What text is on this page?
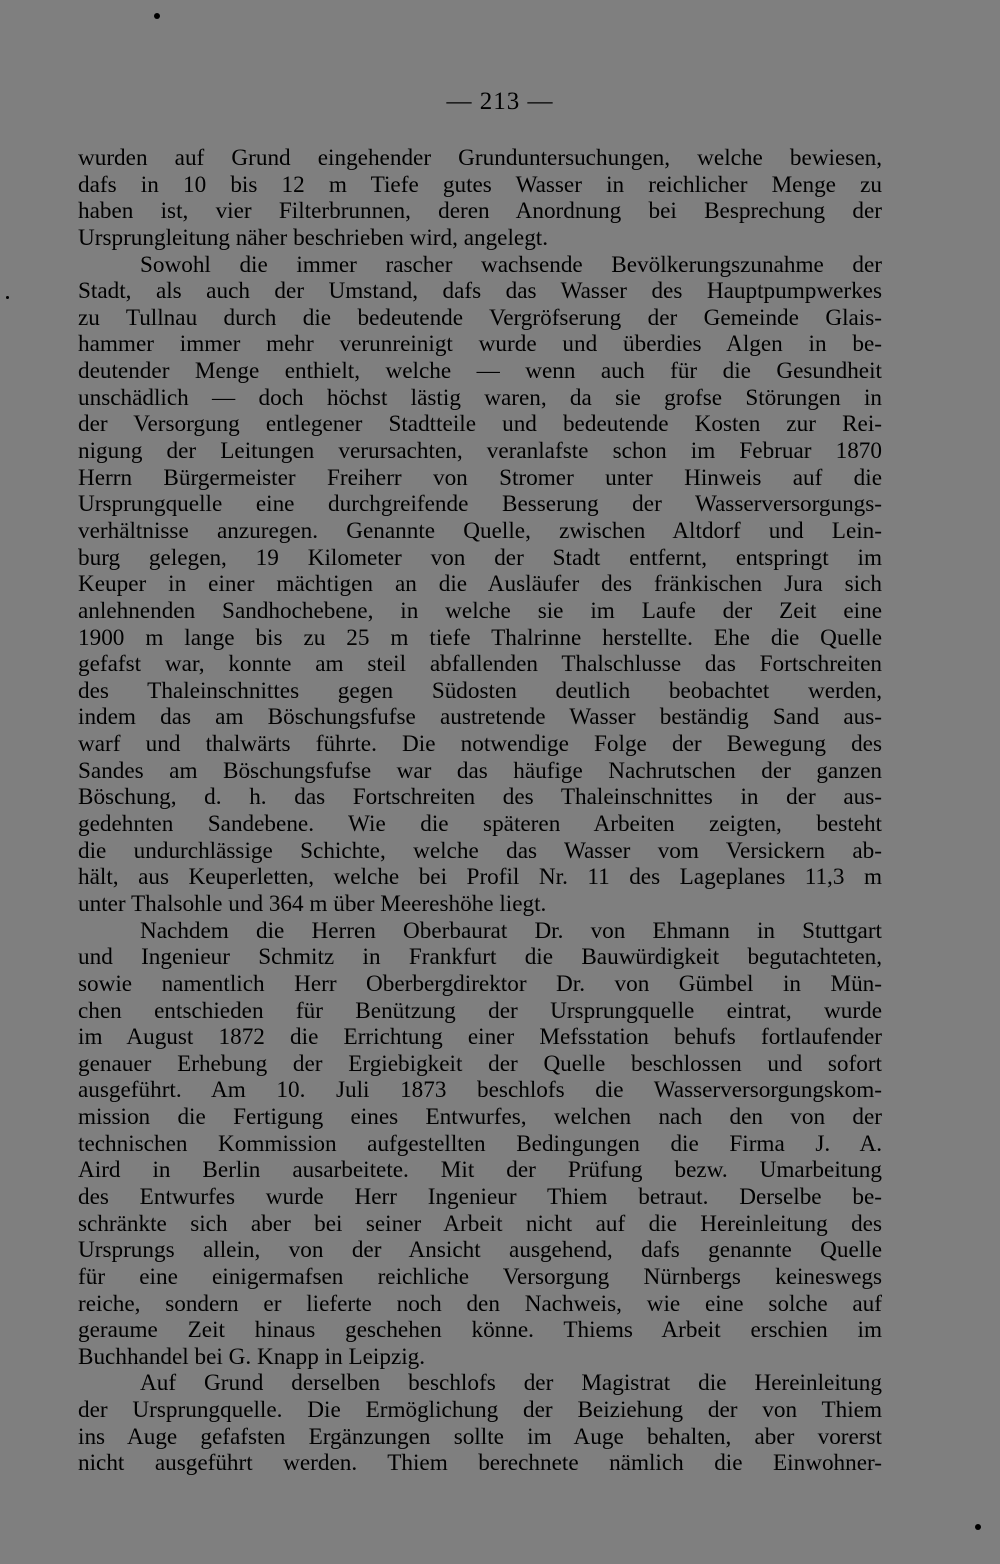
— 213 —
wurden auf Grund eingehender Grunduntersuchungen, welche bewiesen,
dafs in 10 bis 12 m Tiefe gutes Wasser in reichlicher Menge zu
haben ist, vier Filterbrunnen, deren Anordnung bei Besprechung der
Ursprungleitung näher beschrieben wird, angelegt.
Sowohl die immer rascher wachsende Bevölkerungszunahme der
Stadt, als auch der Umstand, dafs das Wasser des Hauptpumpwerkes
zu Tullnau durch die bedeutende Vergröfserung der Gemeinde Glais-
hammer immer mehr verunreinigt wurde und überdies Algen in be-
deutender Menge enthielt, welche — wenn auch für die Gesundheit
unschädlich — doch höchst lästig waren, da sie grofse Störungen in
der Versorgung entlegener Stadtteile und bedeutende Kosten zur Rei-
nigung der Leitungen verursachten, veranlafste schon im Februar 1870
Herrn Bürgermeister Freiherr von Stromer unter Hinweis auf die
Ursprungquelle eine durchgreifende Besserung der Wasserversorgungs-
verhältnisse anzuregen. Genannte Quelle, zwischen Altdorf und Lein-
burg gelegen, 19 Kilometer von der Stadt entfernt, entspringt im
Keuper in einer mächtigen an die Ausläufer des fränkischen Jura sich
anlehnenden Sandhochebene, in welche sie im Laufe der Zeit eine
1900 m lange bis zu 25 m tiefe Thalrinne herstellte. Ehe die Quelle
gefafst war, konnte am steil abfallenden Thalschlusse das Fortschreiten
des Thaleinschnittes gegen Südosten deutlich beobachtet werden,
indem das am Böschungsfufse austretende Wasser beständig Sand aus-
warf und thalwärts führte. Die notwendige Folge der Bewegung des
Sandes am Böschungsfufse war das häufige Nachrutschen der ganzen
Böschung, d. h. das Fortschreiten des Thaleinschnittes in der aus-
gedehnten Sandebene. Wie die späteren Arbeiten zeigten, besteht
die undurchlässige Schichte, welche das Wasser vom Versickern ab-
hält, aus Keuperletten, welche bei Profil Nr. 11 des Lageplanes 11,3 m
unter Thalsohle und 364 m über Meereshöhe liegt.
Nachdem die Herren Oberbaurat Dr. von Ehmann in Stuttgart
und Ingenieur Schmitz in Frankfurt die Bauwürdigkeit begutachteten,
sowie namentlich Herr Oberbergdirektor Dr. von Gümbel in Mün-
chen entschieden für Benützung der Ursprungquelle eintrat, wurde
im August 1872 die Errichtung einer Mefsstation behufs fortlaufender
genauer Erhebung der Ergiebigkeit der Quelle beschlossen und sofort
ausgeführt. Am 10. Juli 1873 beschlofs die Wasserversorgungskom-
mission die Fertigung eines Entwurfes, welchen nach den von der
technischen Kommission aufgestellten Bedingungen die Firma J. A.
Aird in Berlin ausarbeitete. Mit der Prüfung bezw. Umarbeitung
des Entwurfes wurde Herr Ingenieur Thiem betraut. Derselbe be-
schränkte sich aber bei seiner Arbeit nicht auf die Hereinleitung des
Ursprungs allein, von der Ansicht ausgehend, dafs genannte Quelle
für eine einigermafsen reichliche Versorgung Nürnbergs keineswegs
reiche, sondern er lieferte noch den Nachweis, wie eine solche auf
geraume Zeit hinaus geschehen könne. Thiems Arbeit erschien im
Buchhandel bei G. Knapp in Leipzig.
Auf Grund derselben beschlofs der Magistrat die Hereinleitung
der Ursprungquelle. Die Ermöglichung der Beiziehung der von Thiem
ins Auge gefafsten Ergänzungen sollte im Auge behalten, aber vorerst
nicht ausgeführt werden. Thiem berechnete nämlich die Einwohner-
